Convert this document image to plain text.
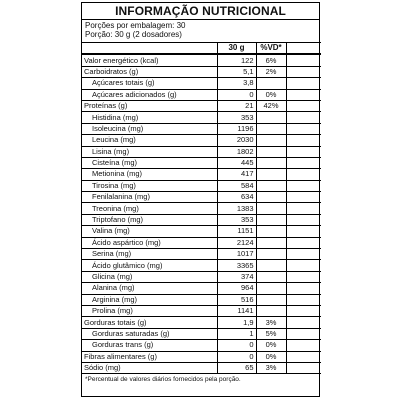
INFORMAÇÃO NUTRICIONAL
Porções por embalagem: 30
Porção: 30 g (2 dosadores)
	30 g	%VD*	
Valor energético (kcal)	122	6%	
Carboidratos (g)	5,1	2%	
Açúcares totais (g)	3,8		
Açúcares adicionados (g)	0	0%	
Proteínas (g)	21	42%	
Histidina (mg)	353		
Isoleucina (mg)	1196		
Leucina (mg)	2030		
Lisina (mg)	1802		
Cisteína (mg)	445		
Metionina (mg)	417		
Tirosina (mg)	584		
Fenilalanina (mg)	634		
Treonina (mg)	1383		
Triptofano (mg)	353		
Valina (mg)	1151		
Ácido aspártico (mg)	2124		
Serina (mg)	1017		
Ácido glutâmico (mg)	3365		
Glicina (mg)	374		
Alanina (mg)	964		
Arginina (mg)	516		
Prolina (mg)	1141		
Gorduras totais (g)	1,9	3%	
Gorduras saturadas (g)	1	5%	
Gorduras trans (g)	0	0%	
Fibras alimentares (g)	0	0%	
Sódio (mg)	65	3%	
*Percentual de valores diários fornecidos pela porção.
